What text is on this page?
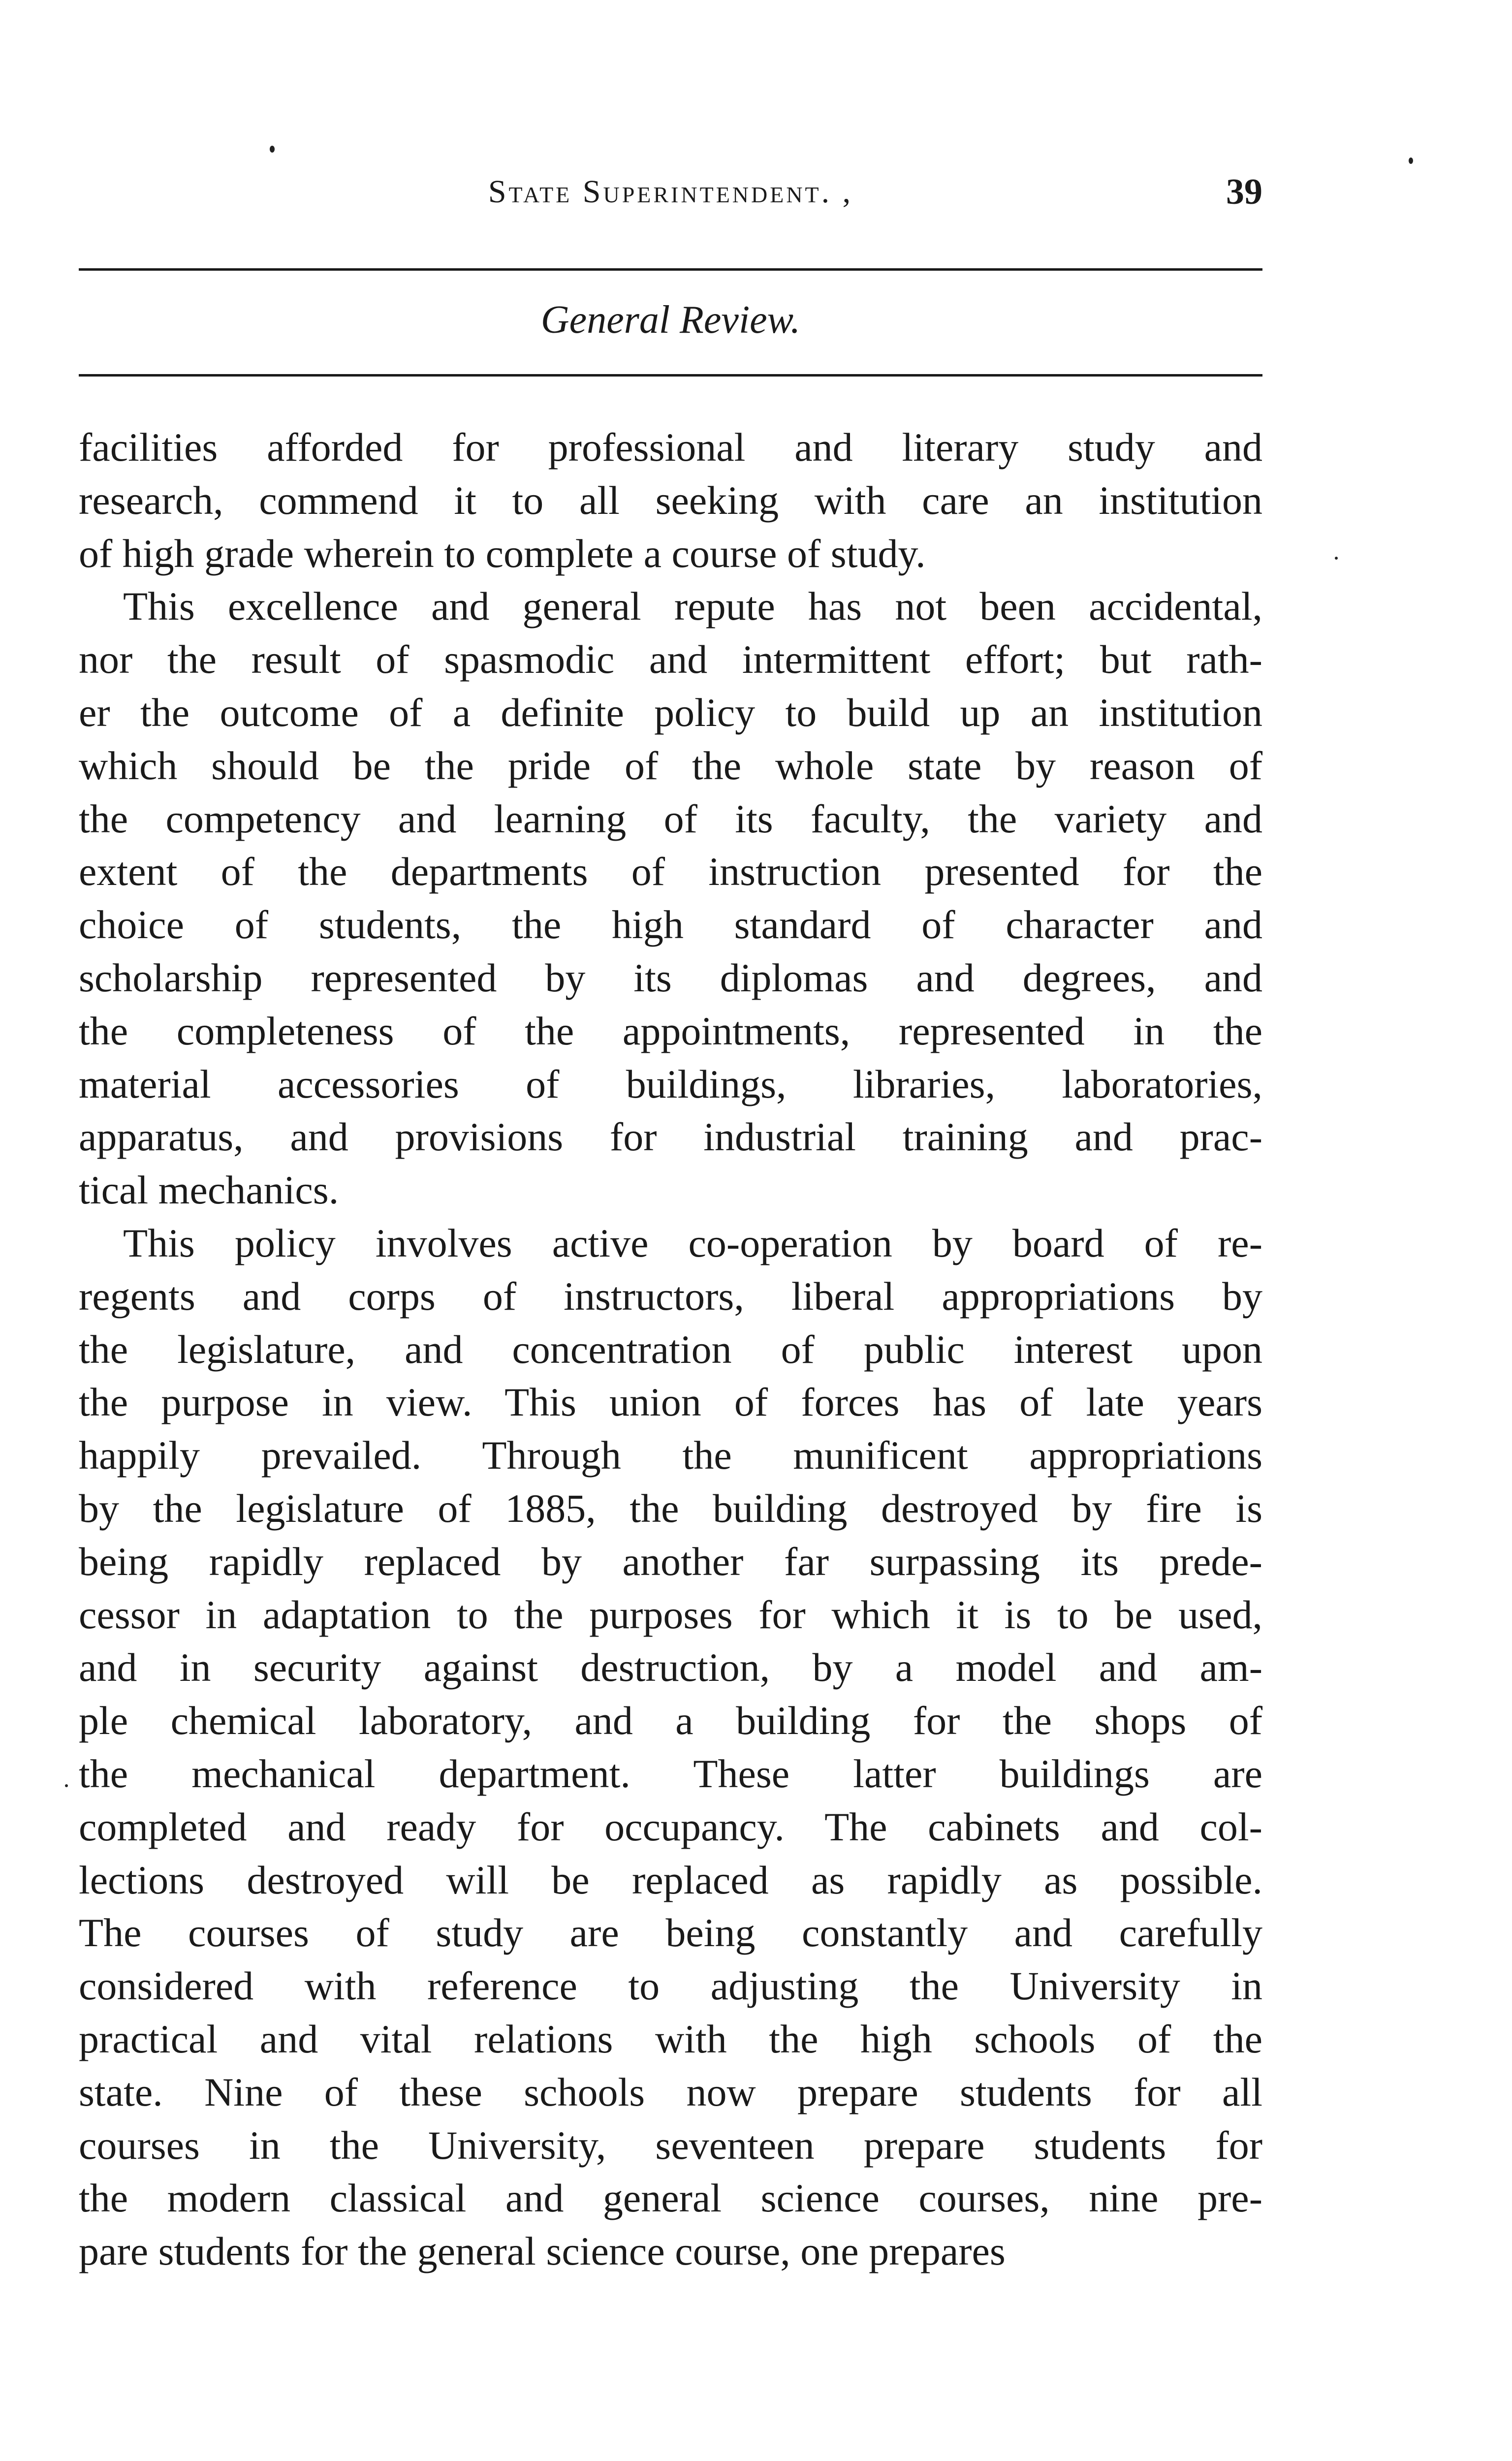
State Superintendent. ,	39
General Review.

facilities afforded for professional and literary study and
research, commend it to all seeking with care an institution
of high grade wherein to complete a course of study.

This excellence and general repute has not been accidental,
nor the result of spasmodic and intermittent effort; but rath-
er the outcome of a definite policy to build up an institution
which should be the pride of the whole state by reason of
the competency and learning of its faculty, the variety and
extent of the departments of instruction presented for the
choice of students, the high standard of character and
scholarship represented by its diplomas and degrees, and
the completeness of the appointments, represented in the
material accessories of buildings, libraries, laboratories,
apparatus, and provisions for industrial training and prac-
tical mechanics.

This policy involves active co-operation by board of re-
regents and corps of instructors, liberal appropriations by
the legislature, and concentration of public interest upon
the purpose in view. This union of forces has of late years
happily prevailed. Through the munificent appropriations
by the legislature of 1885, the building destroyed by fire is
being rapidly replaced by another far surpassing its prede-
cessor in adaptation to the purposes for which it is to be used,
and in security against destruction, by a model and am-
ple chemical laboratory, and a building for the shops of
the mechanical department. These latter buildings are
completed and ready for occupancy. The cabinets and col-
lections destroyed will be replaced as rapidly as possible.
The courses of study are being constantly and carefully
considered with reference to adjusting the University in
practical and vital relations with the high schools of the
state. Nine of these schools now prepare students for all
courses in the University, seventeen prepare students for
the modern classical and general science courses, nine pre-
pare students for the general science course, one prepares
